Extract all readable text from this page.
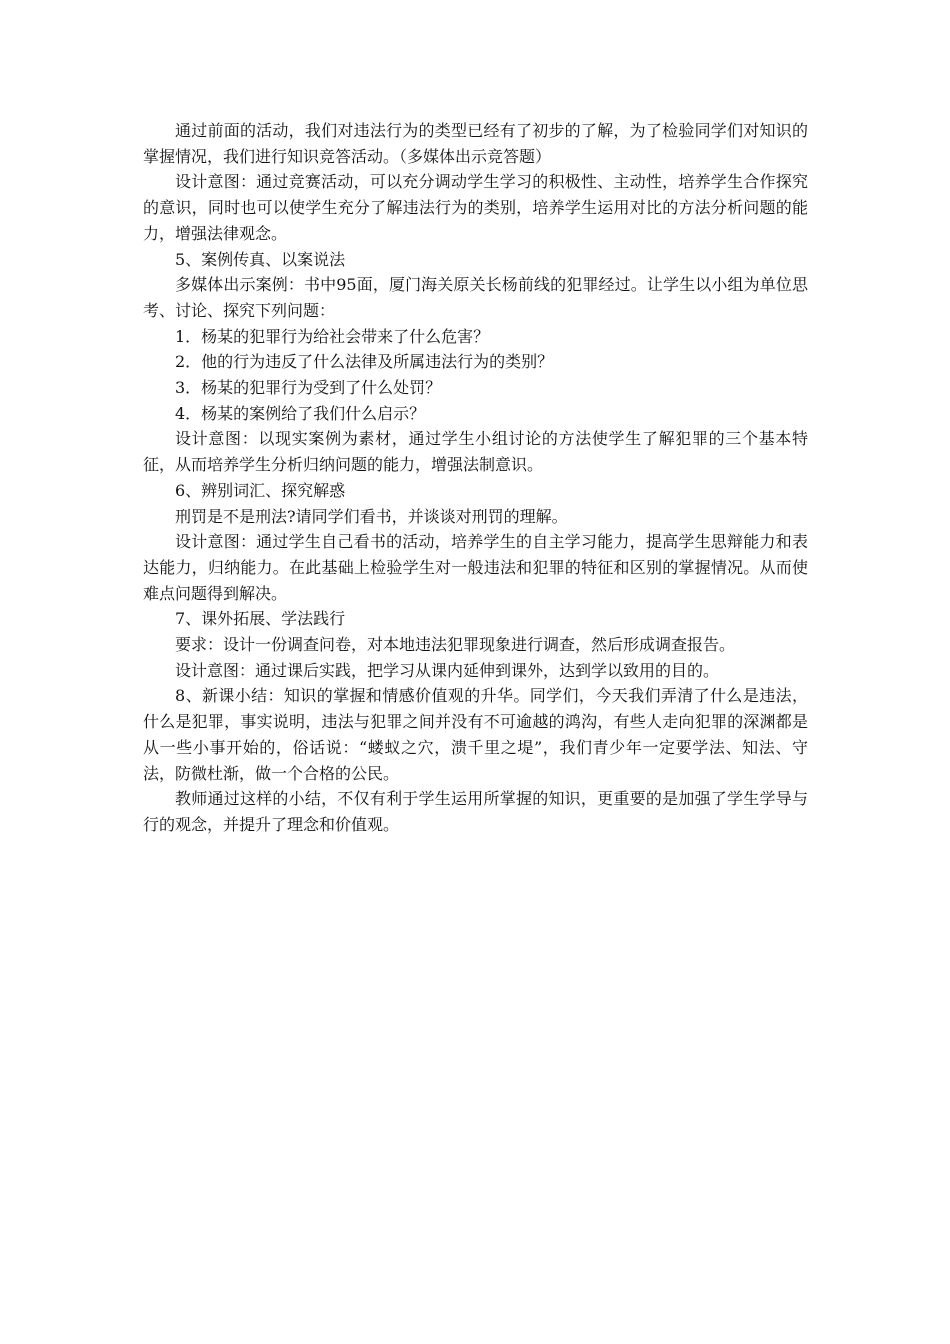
通过前面的活动，我们对违法行为的类型已经有了初步的了解，为了检验同学们对知识的掌握情况，我们进行知识竞答活动。（多媒体出示竞答题）

设计意图：通过竞赛活动，可以充分调动学生学习的积极性、主动性，培养学生合作探究的意识，同时也可以使学生充分了解违法行为的类别，培养学生运用对比的方法分析问题的能力，增强法律观念。

5、案例传真、以案说法

多媒体出示案例：书中95面，厦门海关原关长杨前线的犯罪经过。让学生以小组为单位思考、讨论、探究下列问题：

1．杨某的犯罪行为给社会带来了什么危害？

2．他的行为违反了什么法律及所属违法行为的类别？

3．杨某的犯罪行为受到了什么处罚？

4．杨某的案例给了我们什么启示？

设计意图：以现实案例为素材，通过学生小组讨论的方法使学生了解犯罪的三个基本特征，从而培养学生分析归纳问题的能力，增强法制意识。

6、辨别词汇、探究解惑

刑罚是不是刑法?请同学们看书，并谈谈对刑罚的理解。

设计意图：通过学生自己看书的活动，培养学生的自主学习能力，提高学生思辩能力和表达能力，归纳能力。在此基础上检验学生对一般违法和犯罪的特征和区别的掌握情况。从而使难点问题得到解决。

7、课外拓展、学法践行

要求：设计一份调查问卷，对本地违法犯罪现象进行调查，然后形成调查报告。

设计意图：通过课后实践，把学习从课内延伸到课外，达到学以致用的目的。

8、新课小结：知识的掌握和情感价值观的升华。同学们，今天我们弄清了什么是违法，什么是犯罪，事实说明，违法与犯罪之间并没有不可逾越的鸿沟，有些人走向犯罪的深渊都是从一些小事开始的，俗话说：“蝼蚁之穴，溃千里之堤”，我们青少年一定要学法、知法、守法，防微杜渐，做一个合格的公民。

教师通过这样的小结，不仅有利于学生运用所掌握的知识，更重要的是加强了学生学导与行的观念，并提升了理念和价值观。
